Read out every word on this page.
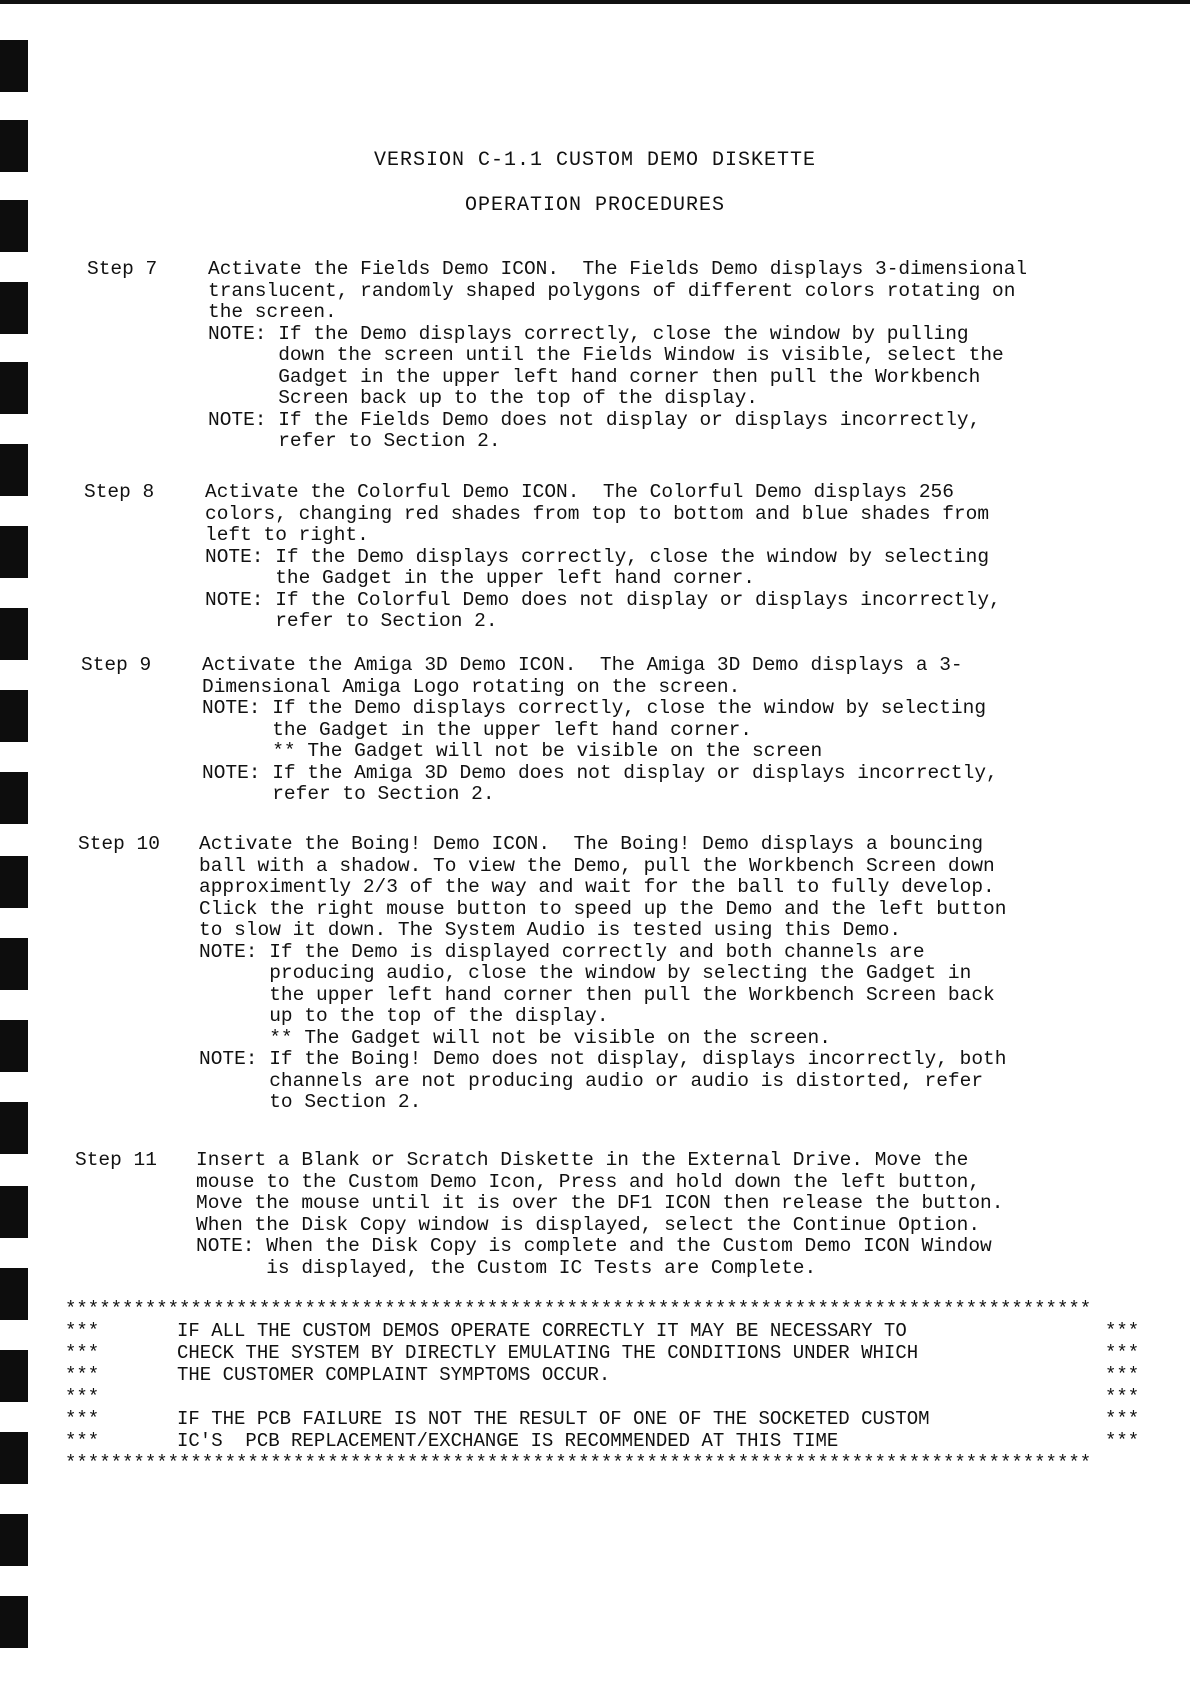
VERSION C-1.1 CUSTOM DEMO DISKETTE
OPERATION PROCEDURES
Step 7	Activate the Fields Demo ICON.  The Fields Demo displays 3-dimensional
translucent, randomly shaped polygons of different colors rotating on
the screen.
NOTE: If the Demo displays correctly, close the window by pulling
down the screen until the Fields Window is visible, select the
Gadget in the upper left hand corner then pull the Workbench
Screen back up to the top of the display.
NOTE: If the Fields Demo does not display or displays incorrectly,
refer to Section 2.
Step 8	Activate the Colorful Demo ICON.  The Colorful Demo displays 256
colors, changing red shades from top to bottom and blue shades from
left to right.
NOTE: If the Demo displays correctly, close the window by selecting
the Gadget in the upper left hand corner.
NOTE: If the Colorful Demo does not display or displays incorrectly,
refer to Section 2.
Step 9	Activate the Amiga 3D Demo ICON.  The Amiga 3D Demo displays a 3-
Dimensional Amiga Logo rotating on the screen.
NOTE: If the Demo displays correctly, close the window by selecting
the Gadget in the upper left hand corner.
** The Gadget will not be visible on the screen
NOTE: If the Amiga 3D Demo does not display or displays incorrectly,
refer to Section 2.
Step 10	Activate the Boing! Demo ICON.  The Boing! Demo displays a bouncing
ball with a shadow. To view the Demo, pull the Workbench Screen down
approximently 2/3 of the way and wait for the ball to fully develop.
Click the right mouse button to speed up the Demo and the left button
to slow it down. The System Audio is tested using this Demo.
NOTE: If the Demo is displayed correctly and both channels are
producing audio, close the window by selecting the Gadget in
the upper left hand corner then pull the Workbench Screen back
up to the top of the display.
** The Gadget will not be visible on the screen.
NOTE: If the Boing! Demo does not display, displays incorrectly, both
channels are not producing audio or audio is distorted, refer
to Section 2.
Step 11	Insert a Blank or Scratch Diskette in the External Drive. Move the
mouse to the Custom Demo Icon, Press and hold down the left button,
Move the mouse until it is over the DF1 ICON then release the button.
When the Disk Copy window is displayed, select the Continue Option.
NOTE: When the Disk Copy is complete and the Custom Demo ICON Window
is displayed, the Custom IC Tests are Complete.
******************************************************************************************
***	IF ALL THE CUSTOM DEMOS OPERATE CORRECTLY IT MAY BE NECESSARY TO	***
***	CHECK THE SYSTEM BY DIRECTLY EMULATING THE CONDITIONS UNDER WHICH	***
***	THE CUSTOMER COMPLAINT SYMPTOMS OCCUR.	***
***	***
***	IF THE PCB FAILURE IS NOT THE RESULT OF ONE OF THE SOCKETED CUSTOM	***
***	IC'S  PCB REPLACEMENT/EXCHANGE IS RECOMMENDED AT THIS TIME	***
******************************************************************************************
